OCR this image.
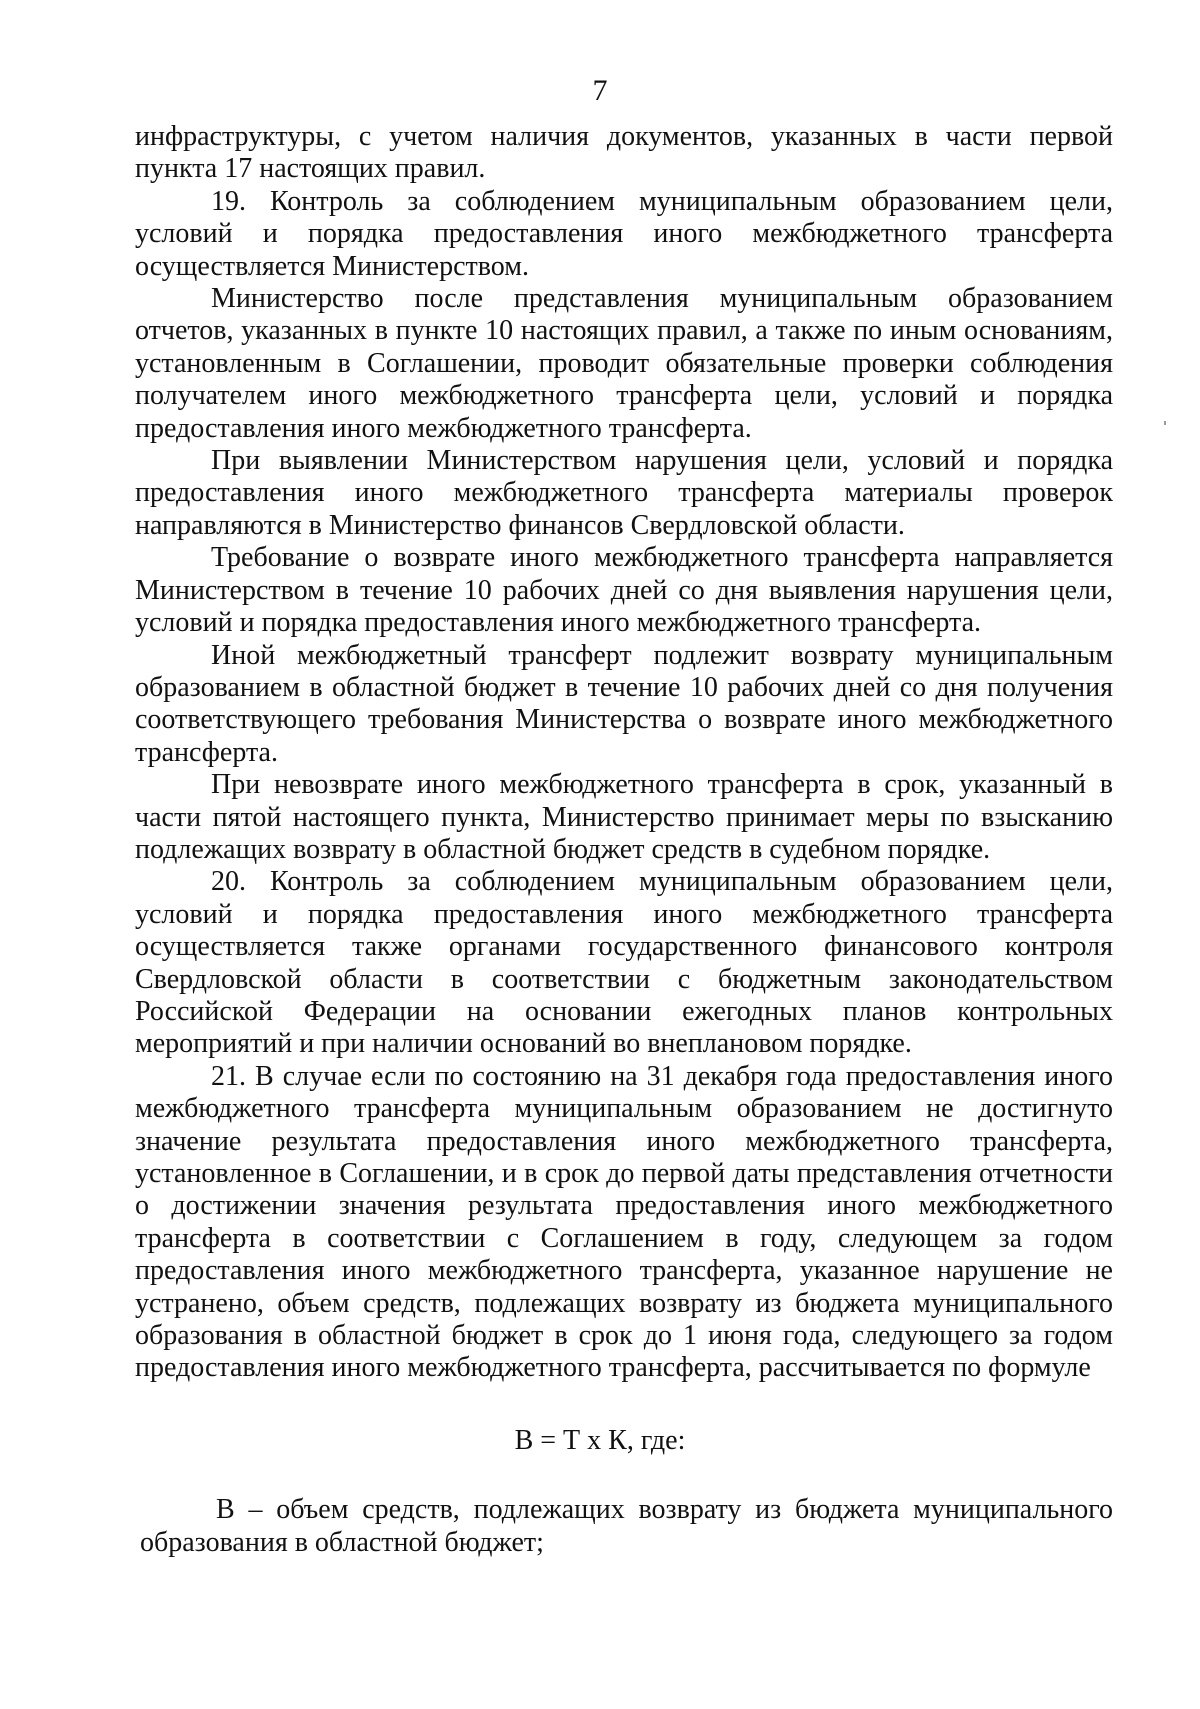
7

инфраструктуры, с учетом наличия документов, указанных в части первой пункта 17 настоящих правил.

19. Контроль за соблюдением муниципальным образованием цели, условий и порядка предоставления иного межбюджетного трансферта осуществляется Министерством.

Министерство после представления муниципальным образованием отчетов, указанных в пункте 10 настоящих правил, а также по иным основаниям, установленным в Соглашении, проводит обязательные проверки соблюдения получателем иного межбюджетного трансферта цели, условий и порядка предоставления иного межбюджетного трансферта.

При выявлении Министерством нарушения цели, условий и порядка предоставления иного межбюджетного трансферта материалы проверок направляются в Министерство финансов Свердловской области.

Требование о возврате иного межбюджетного трансферта направляется Министерством в течение 10 рабочих дней со дня выявления нарушения цели, условий и порядка предоставления иного межбюджетного трансферта.

Иной межбюджетный трансферт подлежит возврату муниципальным образованием в областной бюджет в течение 10 рабочих дней со дня получения соответствующего требования Министерства о возврате иного межбюджетного трансферта.

При невозврате иного межбюджетного трансферта в срок, указанный в части пятой настоящего пункта, Министерство принимает меры по взысканию подлежащих возврату в областной бюджет средств в судебном порядке.

20. Контроль за соблюдением муниципальным образованием цели, условий и порядка предоставления иного межбюджетного трансферта осуществляется также органами государственного финансового контроля Свердловской области в соответствии с бюджетным законодательством Российской Федерации на основании ежегодных планов контрольных мероприятий и при наличии оснований во внеплановом порядке.

21. В случае если по состоянию на 31 декабря года предоставления иного межбюджетного трансферта муниципальным образованием не достигнуто значение результата предоставления иного межбюджетного трансферта, установленное в Соглашении, и в срок до первой даты представления отчетности о достижении значения результата предоставления иного межбюджетного трансферта в соответствии с Соглашением в году, следующем за годом предоставления иного межбюджетного трансферта, указанное нарушение не устранено, объем средств, подлежащих возврату из бюджета муниципального образования в областной бюджет в срок до 1 июня года, следующего за годом предоставления иного межбюджетного трансферта, рассчитывается по формуле

В = Т х К, где:

В – объем средств, подлежащих возврату из бюджета муниципального образования в областной бюджет;
